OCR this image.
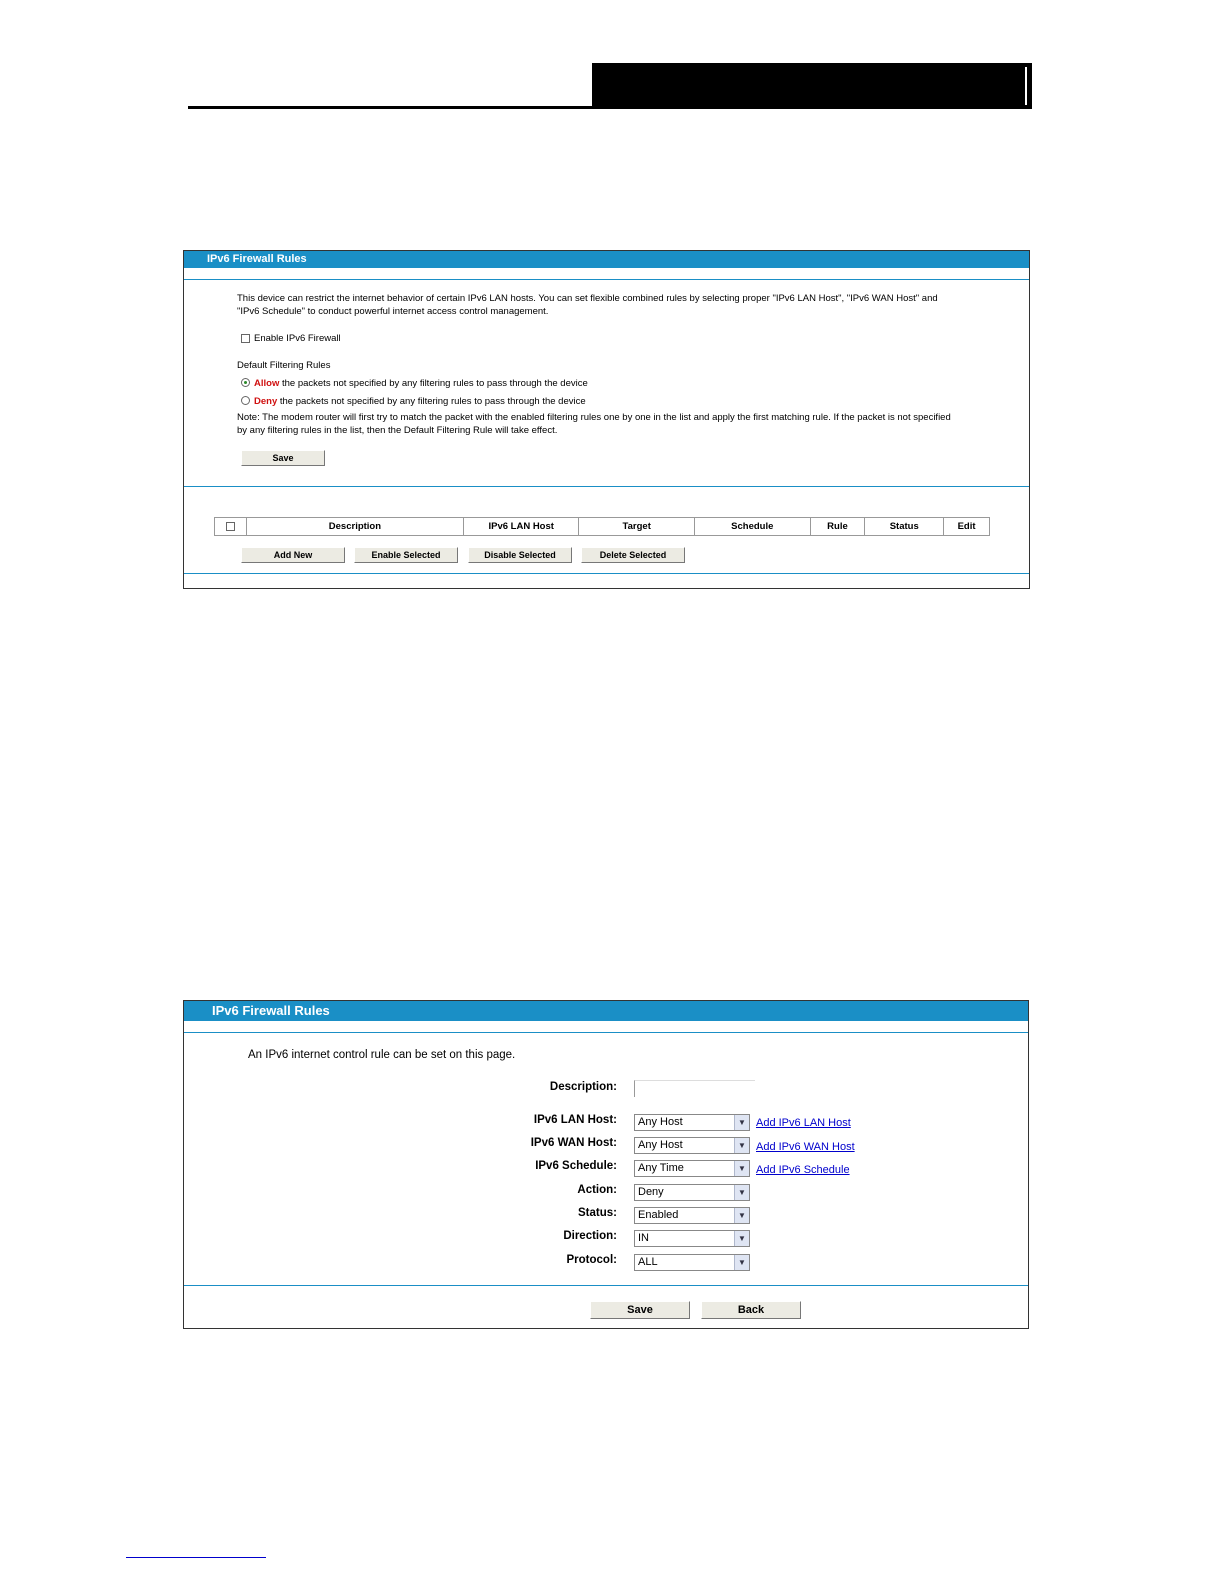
IPv6 Firewall Rules
This device can restrict the internet behavior of certain IPv6 LAN hosts. You can set flexible combined rules by selecting proper "IPv6 LAN Host", "IPv6 WAN Host" and
"IPv6 Schedule" to conduct powerful internet access control management.
Enable IPv6 Firewall
Default Filtering Rules
Allow the packets not specified by any filtering rules to pass through the device
Deny the packets not specified by any filtering rules to pass through the device
Note: The modem router will first try to match the packet with the enabled filtering rules one by one in the list and apply the first matching rule. If the packet is not specified
by any filtering rules in the list, then the Default Filtering Rule will take effect.
Save
	Description	IPv6 LAN Host	Target	Schedule	Rule	Status	Edit
Add New	Enable Selected	Disable Selected	Delete Selected
IPv6 Firewall Rules
An IPv6 internet control rule can be set on this page.
Description:
IPv6 LAN Host:	Any Host	▼ Add IPv6 LAN Host
IPv6 WAN Host:	Any Host	▼ Add IPv6 WAN Host
IPv6 Schedule:	Any Time	▼ Add IPv6 Schedule
Action:	Deny	▼
Status:	Enabled	▼
Direction:	IN	▼
Protocol:	ALL	▼
Save	Back
